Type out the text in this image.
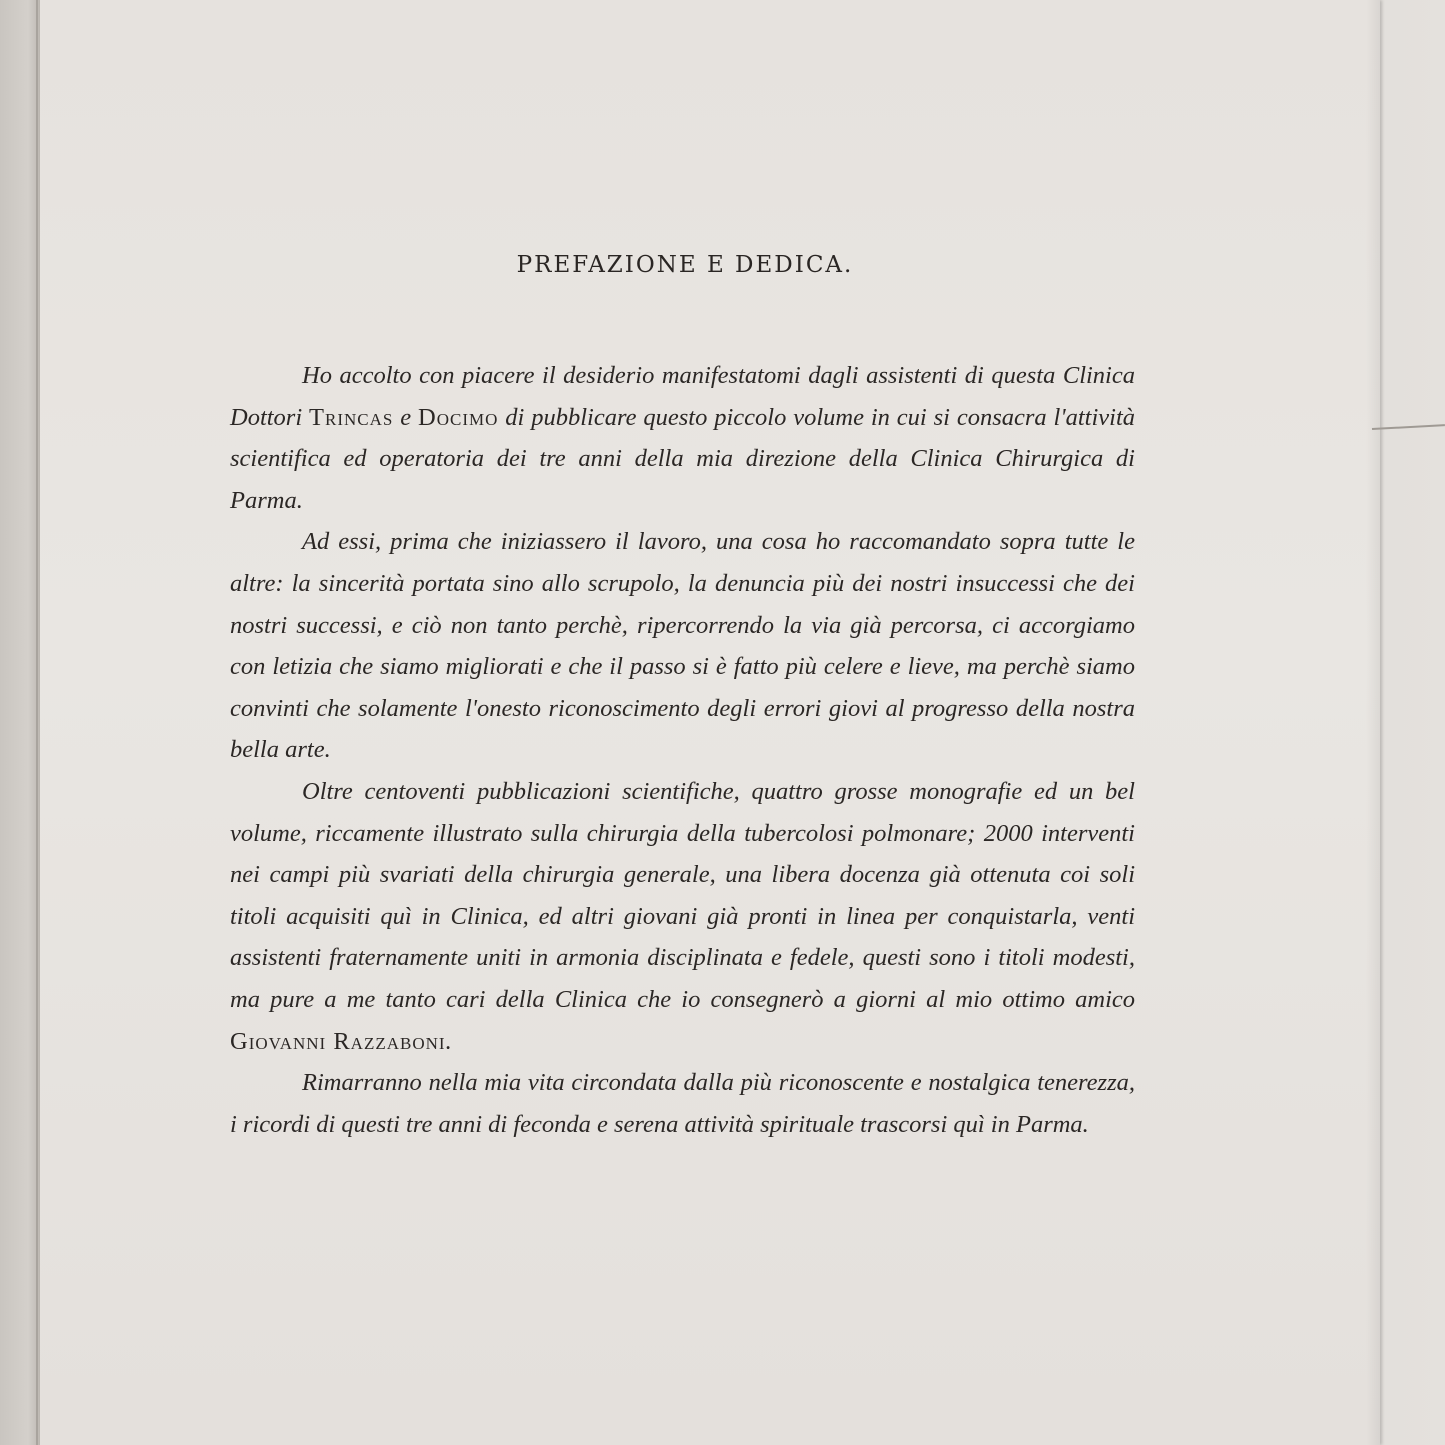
PREFAZIONE E DEDICA.

Ho accolto con piacere il desiderio manifestatomi dagli assistenti di questa Clinica Dottori Trincas e Docimo di pubblicare questo piccolo volume in cui si consacra l'attività scientifica ed operatoria dei tre anni della mia direzione della Clinica Chirurgica di Parma.

Ad essi, prima che iniziassero il lavoro, una cosa ho raccomandato sopra tutte le altre: la sincerità portata sino allo scrupolo, la denuncia più dei nostri insuccessi che dei nostri successi, e ciò non tanto perchè, ripercorrendo la via già percorsa, ci accorgiamo con letizia che siamo migliorati e che il passo si è fatto più celere e lieve, ma perchè siamo convinti che solamente l'onesto riconoscimento degli errori giovi al progresso della nostra bella arte.

Oltre centoventi pubblicazioni scientifiche, quattro grosse monografie ed un bel volume, riccamente illustrato sulla chirurgia della tubercolosi polmonare; 2000 interventi nei campi più svariati della chirurgia generale, una libera docenza già ottenuta coi soli titoli acquisiti quì in Clinica, ed altri giovani già pronti in linea per conquistarla, venti assistenti fraternamente uniti in armonia disciplinata e fedele, questi sono i titoli modesti, ma pure a me tanto cari della Clinica che io consegnerò a giorni al mio ottimo amico Giovanni Razzaboni.

Rimarranno nella mia vita circondata dalla più riconoscente e nostalgica tenerezza, i ricordi di questi tre anni di feconda e serena attività spirituale trascorsi quì in Parma.
